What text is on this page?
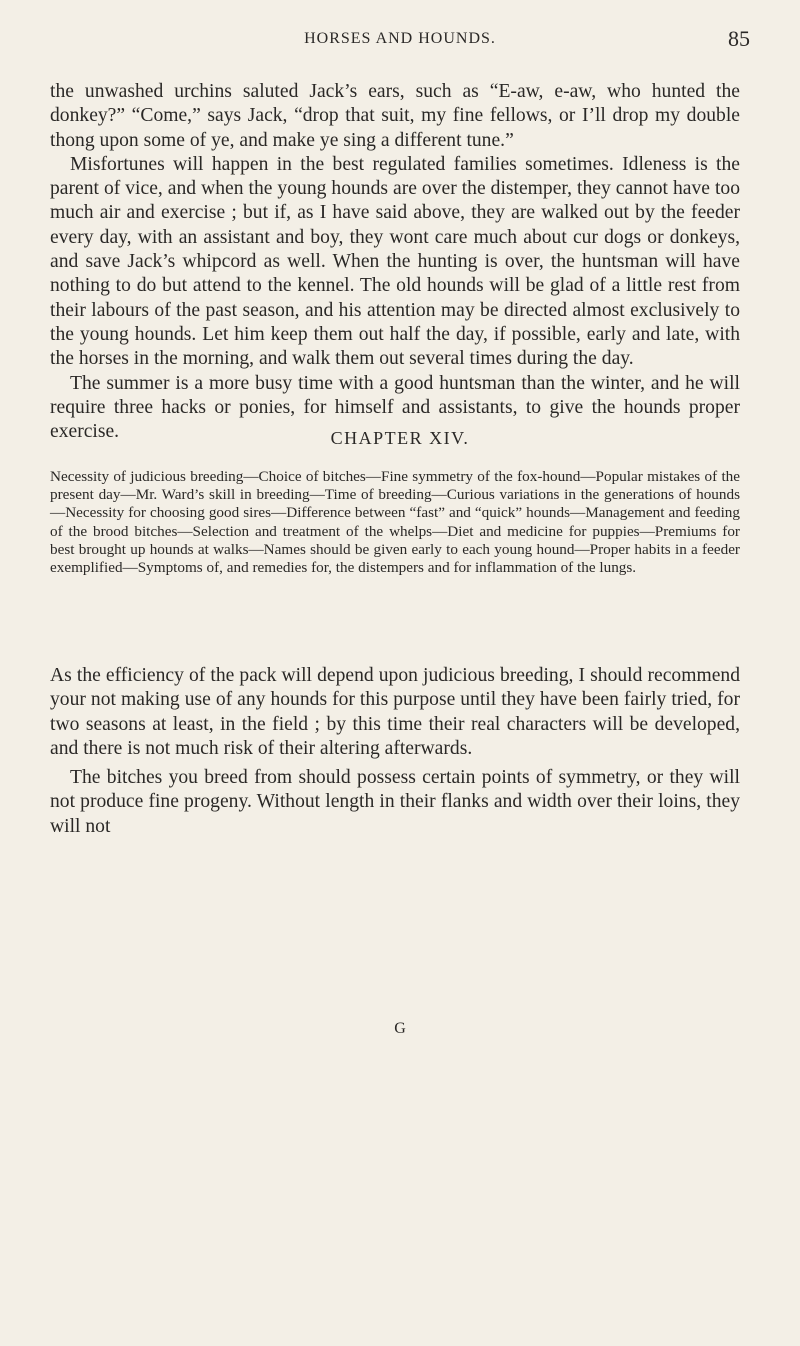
HORSES AND HOUNDS.	85

the unwashed urchins saluted Jack’s ears, such as “E-aw, e-aw, who hunted the donkey?” “Come,” says Jack, “drop that suit, my fine fellows, or I’ll drop my double thong upon some of ye, and make ye sing a different tune.”

Misfortunes will happen in the best regulated families sometimes. Idleness is the parent of vice, and when the young hounds are over the distemper, they cannot have too much air and exercise ; but if, as I have said above, they are walked out by the feeder every day, with an assistant and boy, they wont care much about cur dogs or donkeys, and save Jack’s whipcord as well. When the hunting is over, the huntsman will have nothing to do but attend to the kennel. The old hounds will be glad of a little rest from their labours of the past season, and his attention may be directed almost exclusively to the young hounds. Let him keep them out half the day, if possible, early and late, with the horses in the morning, and walk them out several times during the day.

The summer is a more busy time with a good huntsman than the winter, and he will require three hacks or ponies, for himself and assistants, to give the hounds proper exercise.	CHAPTER XIV.

Necessity of judicious breeding—Choice of bitches—Fine symmetry of the fox-hound—Popular mistakes of the present day—Mr. Ward’s skill in breeding—Time of breeding—Curious variations in the generations of hounds—Necessity for choosing good sires—Difference between “fast” and “quick” hounds—Management and feeding of the brood bitches—Selection and treatment of the whelps—Diet and medicine for puppies—Premiums for best brought up hounds at walks—Names should be given early to each young hound—Proper habits in a feeder exemplified—Symptoms of, and remedies for, the distempers and for inflammation of the lungs.

As the efficiency of the pack will depend upon judicious breeding, I should recommend your not making use of any hounds for this purpose until they have been fairly tried, for two seasons at least, in the field ; by this time their real characters will be developed, and there is not much risk of their altering afterwards.

The bitches you breed from should possess certain points of symmetry, or they will not produce fine progeny. Without length in their flanks and width over their loins, they will not

G
